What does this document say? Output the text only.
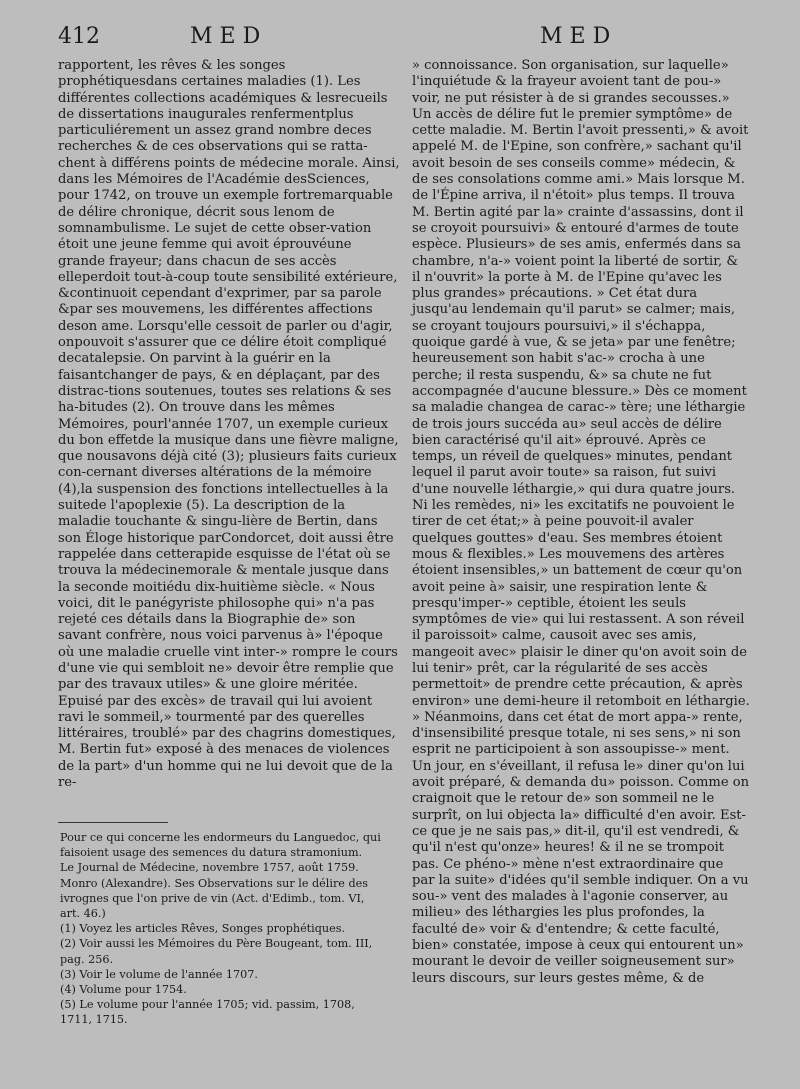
412	MED	MED
rapportent, les rêves & les songes prophétiquesdans certaines maladies (1). Les différentes collections académiques & lesrecueils de dissertations inaugurales renfermentplus particuliérement un assez grand nombre deces recherches & de ces observations qui se ratta-chent à différens points de médecine morale. Ainsi, dans les Mémoires de l'Académie desSciences, pour 1742, on trouve un exemple fortremarquable de délire chronique, décrit sous lenom de somnambulisme. Le sujet de cette obser-vation étoit une jeune femme qui avoit éprouvéune grande frayeur; dans chacun de ses accès elleperdoit tout-à-coup toute sensibilité extérieure, &continuoit cependant d'exprimer, par sa parole &par ses mouvemens, les différentes affections deson ame. Lorsqu'elle cessoit de parler ou d'agir, onpouvoit s'assurer que ce délire étoit compliqué decatalepsie. On parvint à la guérir en la faisantchanger de pays, & en déplaçant, par des distrac-tions soutenues, toutes ses relations & ses ha-bitudes (2). On trouve dans les mêmes Mémoires, pourl'année 1707, un exemple curieux du bon effetde la musique dans une fièvre maligne, que nousavons déjà cité (3); plusieurs faits curieux con-cernant diverses altérations de la mémoire (4),la suspension des fonctions intellectuelles à la suitede l'apoplexie (5). La description de la maladie touchante & singu-lière de Bertin, dans son Éloge historique parCondorcet, doit aussi être rappelée dans cetterapide esquisse de l'état où se trouva la médecinemorale & mentale jusque dans la seconde moitiédu dix-huitième siècle. « Nous voici, dit le panégyriste philosophe qui» n'a pas rejeté ces détails dans la Biographie de» son savant confrère, nous voici parvenus à» l'époque où une maladie cruelle vint inter-» rompre le cours d'une vie qui sembloit ne» devoir être remplie que par des travaux utiles» & une gloire méritée. Epuisé par des excès» de travail qui lui avoient ravi le sommeil,» tourmenté par des querelles littéraires, troublé» par des chagrins domestiques, M. Bertin fut» exposé à des menaces de violences de la part» d'un homme qui ne lui devoit que de la re-
» connoissance. Son organisation, sur laquelle» l'inquiétude & la frayeur avoient tant de pou-» voir, ne put résister à de si grandes secousses.» Un accès de délire fut le premier symptôme» de cette maladie. M. Bertin l'avoit pressenti,» & avoit appelé M. de l'Epine, son confrère,» sachant qu'il avoit besoin de ses conseils comme» médecin, & de ses consolations comme ami.» Mais lorsque M. de l'Épine arriva, il n'étoit» plus temps. Il trouva M. Bertin agité par la» crainte d'assassins, dont il se croyoit poursuivi» & entouré d'armes de toute espèce. Plusieurs» de ses amis, enfermés dans sa chambre, n'a-» voient point la liberté de sortir, & il n'ouvrit» la porte à M. de l'Epine qu'avec les plus grandes» précautions. » Cet état dura jusqu'au lendemain qu'il parut» se calmer; mais, se croyant toujours poursuivi,» il s'échappa, quoique gardé à vue, & se jeta» par une fenêtre; heureusement son habit s'ac-» crocha à une perche; il resta suspendu, &» sa chute ne fut accompagnée d'aucune blessure.» Dès ce moment sa maladie changea de carac-» tère; une léthargie de trois jours succéda au» seul accès de délire bien caractérisé qu'il ait» éprouvé. Après ce temps, un réveil de quelques» minutes, pendant lequel il parut avoir toute» sa raison, fut suivi d'une nouvelle léthargie,» qui dura quatre jours. Ni les remèdes, ni» les excitatifs ne pouvoient le tirer de cet état;» à peine pouvoit-il avaler quelques gouttes» d'eau. Ses membres étoient mous & flexibles.» Les mouvemens des artères étoient insensibles,» un battement de cœur qu'on avoit peine à» saisir, une respiration lente & presqu'imper-» ceptible, étoient les seuls symptômes de vie» qui lui restassent. A son réveil il paroissoit» calme, causoit avec ses amis, mangeoit avec» plaisir le diner qu'on avoit soin de lui tenir» prêt, car la régularité de ses accès permettoit» de prendre cette précaution, & après environ» une demi-heure il retomboit en léthargie. » Néanmoins, dans cet état de mort appa-» rente, d'insensibilité presque totale, ni ses sens,» ni son esprit ne participoient à son assoupisse-» ment. Un jour, en s'éveillant, il refusa le» diner qu'on lui avoit préparé, & demanda du» poisson. Comme on craignoit que le retour de» son sommeil ne le surprît, on lui objecta la» difficulté d'en avoir. Est-ce que je ne sais pas,» dit-il, qu'il est vendredi, & qu'il n'est qu'onze» heures! & il ne se trompoit pas. Ce phéno-» mène n'est extraordinaire que par la suite» d'idées qu'il semble indiquer. On a vu sou-» vent des malades à l'agonie conserver, au milieu» des léthargies les plus profondes, la faculté de» voir & d'entendre; & cette faculté, bien» constatée, impose à ceux qui entourent un» mourant le devoir de veiller soigneusement sur» leurs discours, sur leurs gestes même, & de
Pour ce qui concerne les endormeurs du Languedoc, qui
faisoient usage des semences du datura stramonium.
Le Journal de Médecine, novembre 1757, août 1759.
Monro (Alexandre). Ses Observations sur le délire des
ivrognes que l'on prive de vin (Act. d'Edimb., tom. VI,
art. 46.)
(1) Voyez les articles Rêves, Songes prophétiques.
(2) Voir aussi les Mémoires du Père Bougeant, tom. III,
pag. 256.
(3) Voir le volume de l'année 1707.
(4) Volume pour 1754.
(5) Le volume pour l'année 1705; vid. passim, 1708,
1711, 1715.
